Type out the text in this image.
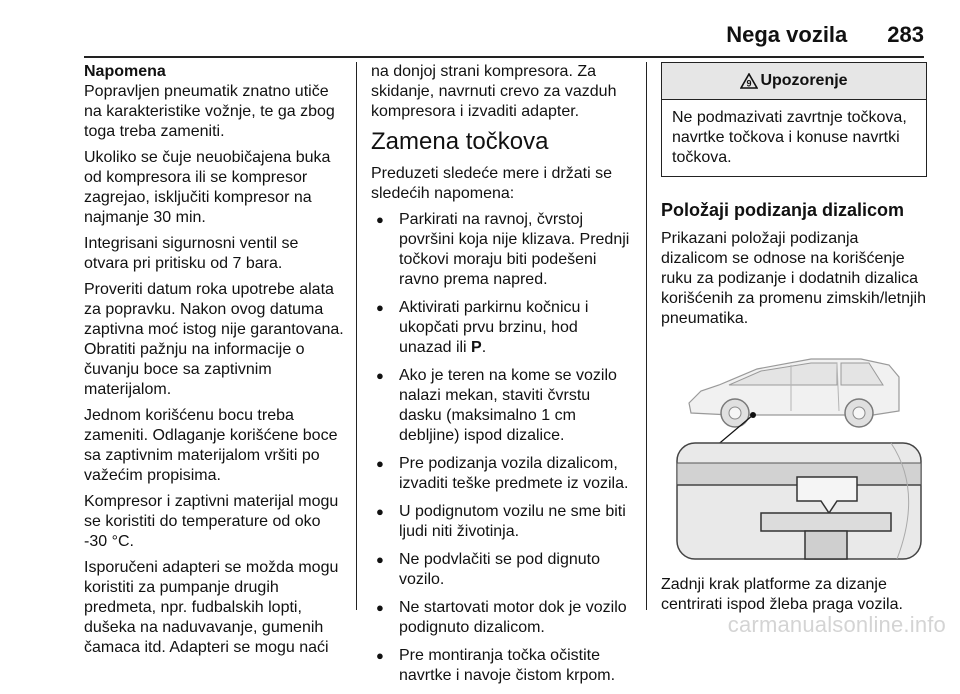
Nega vozila 283

Napomena

Popravljen pneumatik znatno utiče na karakteristike vožnje, te ga zbog toga treba zameniti.

Ukoliko se čuje neuobičajena buka od kompresora ili se kompresor zagrejao, isključiti kompresor na najmanje 30 min.

Integrisani sigurnosni ventil se otvara pri pritisku od 7 bara.

Proveriti datum roka upotrebe alata za popravku. Nakon ovog datuma zaptivna moć istog nije garantovana. Obratiti pažnju na informacije o čuvanju boce sa zaptivnim materijalom.

Jednom korišćenu bocu treba zameniti. Odlaganje korišćene boce sa zaptivnim materijalom vršiti po važećim propisima.

Kompresor i zaptivni materijal mogu se koristiti do temperature od oko -30 °C.

Isporučeni adapteri se možda mogu koristiti za pumpanje drugih predmeta, npr. fudbalskih lopti, dušeka na naduvavanje, gumenih čamaca itd. Adapteri se mogu naći

na donjoj strani kompresora. Za skidanje, navrnuti crevo za vazduh kompresora i izvaditi adapter.

Zamena točkova

Preduzeti sledeće mere i držati se sledećih napomena:

● Parkirati na ravnoj, čvrstoj površini koja nije klizava. Prednji točkovi moraju biti podešeni ravno prema napred.
● Aktivirati parkirnu kočnicu i ukopčati prvu brzinu, hod unazad ili P.
● Ako je teren na kome se vozilo nalazi mekan, staviti čvrstu dasku (maksimalno 1 cm debljine) ispod dizalice.
● Pre podizanja vozila dizalicom, izvaditi teške predmete iz vozila.
● U podignutom vozilu ne sme biti ljudi niti životinja.
● Ne podvlačiti se pod dignuto vozilo.
● Ne startovati motor dok je vozilo podignuto dizalicom.
● Pre montiranja točka očistite navrtke i navoje čistom krpom.
9 Upozorenje
Ne podmazivati zavrtnje točkova, navrtke točkova i konuse navrtki točkova.
Položaji podizanja dizalicom

Prikazani položaji podizanja dizalicom se odnose na korišćenje ruku za podizanje i dodatnih dizalica korišćenih za promenu zimskih/letnjih pneumatika.

Zadnji krak platforme za dizanje centrirati ispod žleba praga vozila.

carmanualsonline.info
